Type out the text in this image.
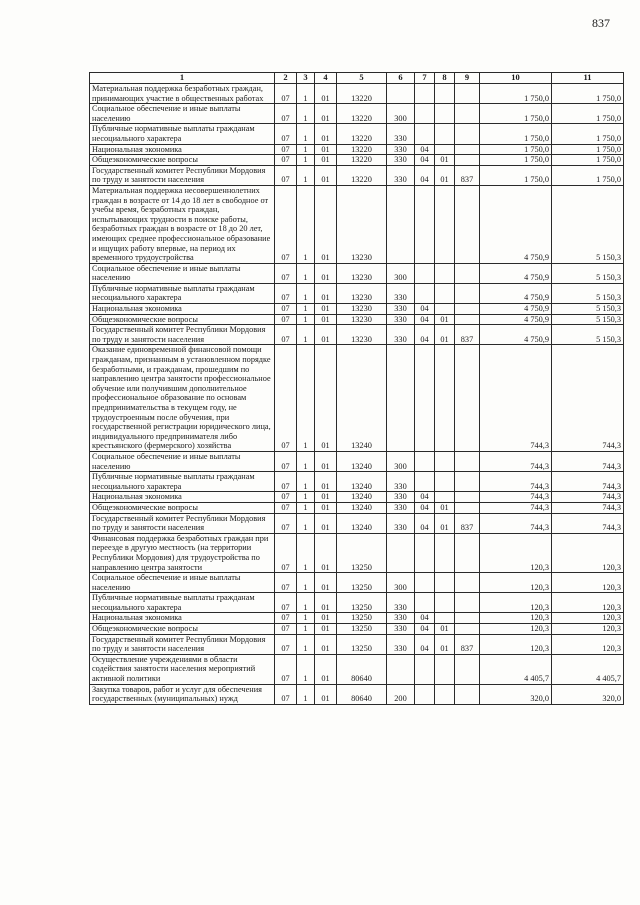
837
1	2	3	4	5	6	7	8	9	10	11
Материальная поддержка безработных граждан, принимающих участие в общественных работах	07	1	01	13220					1 750,0	1 750,0
Социальное обеспечение и иные выплаты населению	07	1	01	13220	300				1 750,0	1 750,0
Публичные нормативные выплаты гражданам несоциального характера	07	1	01	13220	330				1 750,0	1 750,0
Национальная экономика	07	1	01	13220	330	04			1 750,0	1 750,0
Общеэкономические вопросы	07	1	01	13220	330	04	01		1 750,0	1 750,0
Государственный комитет Республики Мордовия по труду и занятости населения	07	1	01	13220	330	04	01	837	1 750,0	1 750,0
Материальная поддержка несовершеннолетних граждан в возрасте от 14 до 18 лет в свободное от учебы время, безработных граждан, испытывающих трудности в поиске работы, безработных граждан в возрасте от 18 до 20 лет, имеющих среднее профессиональное образование и ищущих работу впервые, на период их временного трудоустройства	07	1	01	13230					4 750,9	5 150,3
Социальное обеспечение и иные выплаты населению	07	1	01	13230	300				4 750,9	5 150,3
Публичные нормативные выплаты гражданам несоциального характера	07	1	01	13230	330				4 750,9	5 150,3
Национальная экономика	07	1	01	13230	330	04			4 750,9	5 150,3
Общеэкономические вопросы	07	1	01	13230	330	04	01		4 750,9	5 150,3
Государственный комитет Республики Мордовия по труду и занятости населения	07	1	01	13230	330	04	01	837	4 750,9	5 150,3
Оказание единовременной финансовой помощи гражданам, признанным в установленном порядке безработными, и гражданам, прошедшим по направлению центра занятости профессиональное обучение или получившим дополнительное профессиональное образование по основам предпринимательства в текущем году, не трудоустроенным после обучения, при государственной регистрации юридического лица, индивидуального предпринимателя либо крестьянского (фермерского) хозяйства	07	1	01	13240					744,3	744,3
Социальное обеспечение и иные выплаты населению	07	1	01	13240	300				744,3	744,3
Публичные нормативные выплаты гражданам несоциального характера	07	1	01	13240	330				744,3	744,3
Национальная экономика	07	1	01	13240	330	04			744,3	744,3
Общеэкономические вопросы	07	1	01	13240	330	04	01		744,3	744,3
Государственный комитет Республики Мордовия по труду и занятости населения	07	1	01	13240	330	04	01	837	744,3	744,3
Финансовая поддержка безработных граждан при переезде в другую местность (на территории Республики Мордовия) для трудоустройства по направлению центра занятости	07	1	01	13250					120,3	120,3
Социальное обеспечение и иные выплаты населению	07	1	01	13250	300				120,3	120,3
Публичные нормативные выплаты гражданам несоциального характера	07	1	01	13250	330				120,3	120,3
Национальная экономика	07	1	01	13250	330	04			120,3	120,3
Общеэкономические вопросы	07	1	01	13250	330	04	01		120,3	120,3
Государственный комитет Республики Мордовия по труду и занятости населения	07	1	01	13250	330	04	01	837	120,3	120,3
Осуществление учреждениями в области содействия занятости населения мероприятий активной политики	07	1	01	80640					4 405,7	4 405,7
Закупка товаров, работ и услуг для обеспечения государственных (муниципальных) нужд	07	1	01	80640	200				320,0	320,0
